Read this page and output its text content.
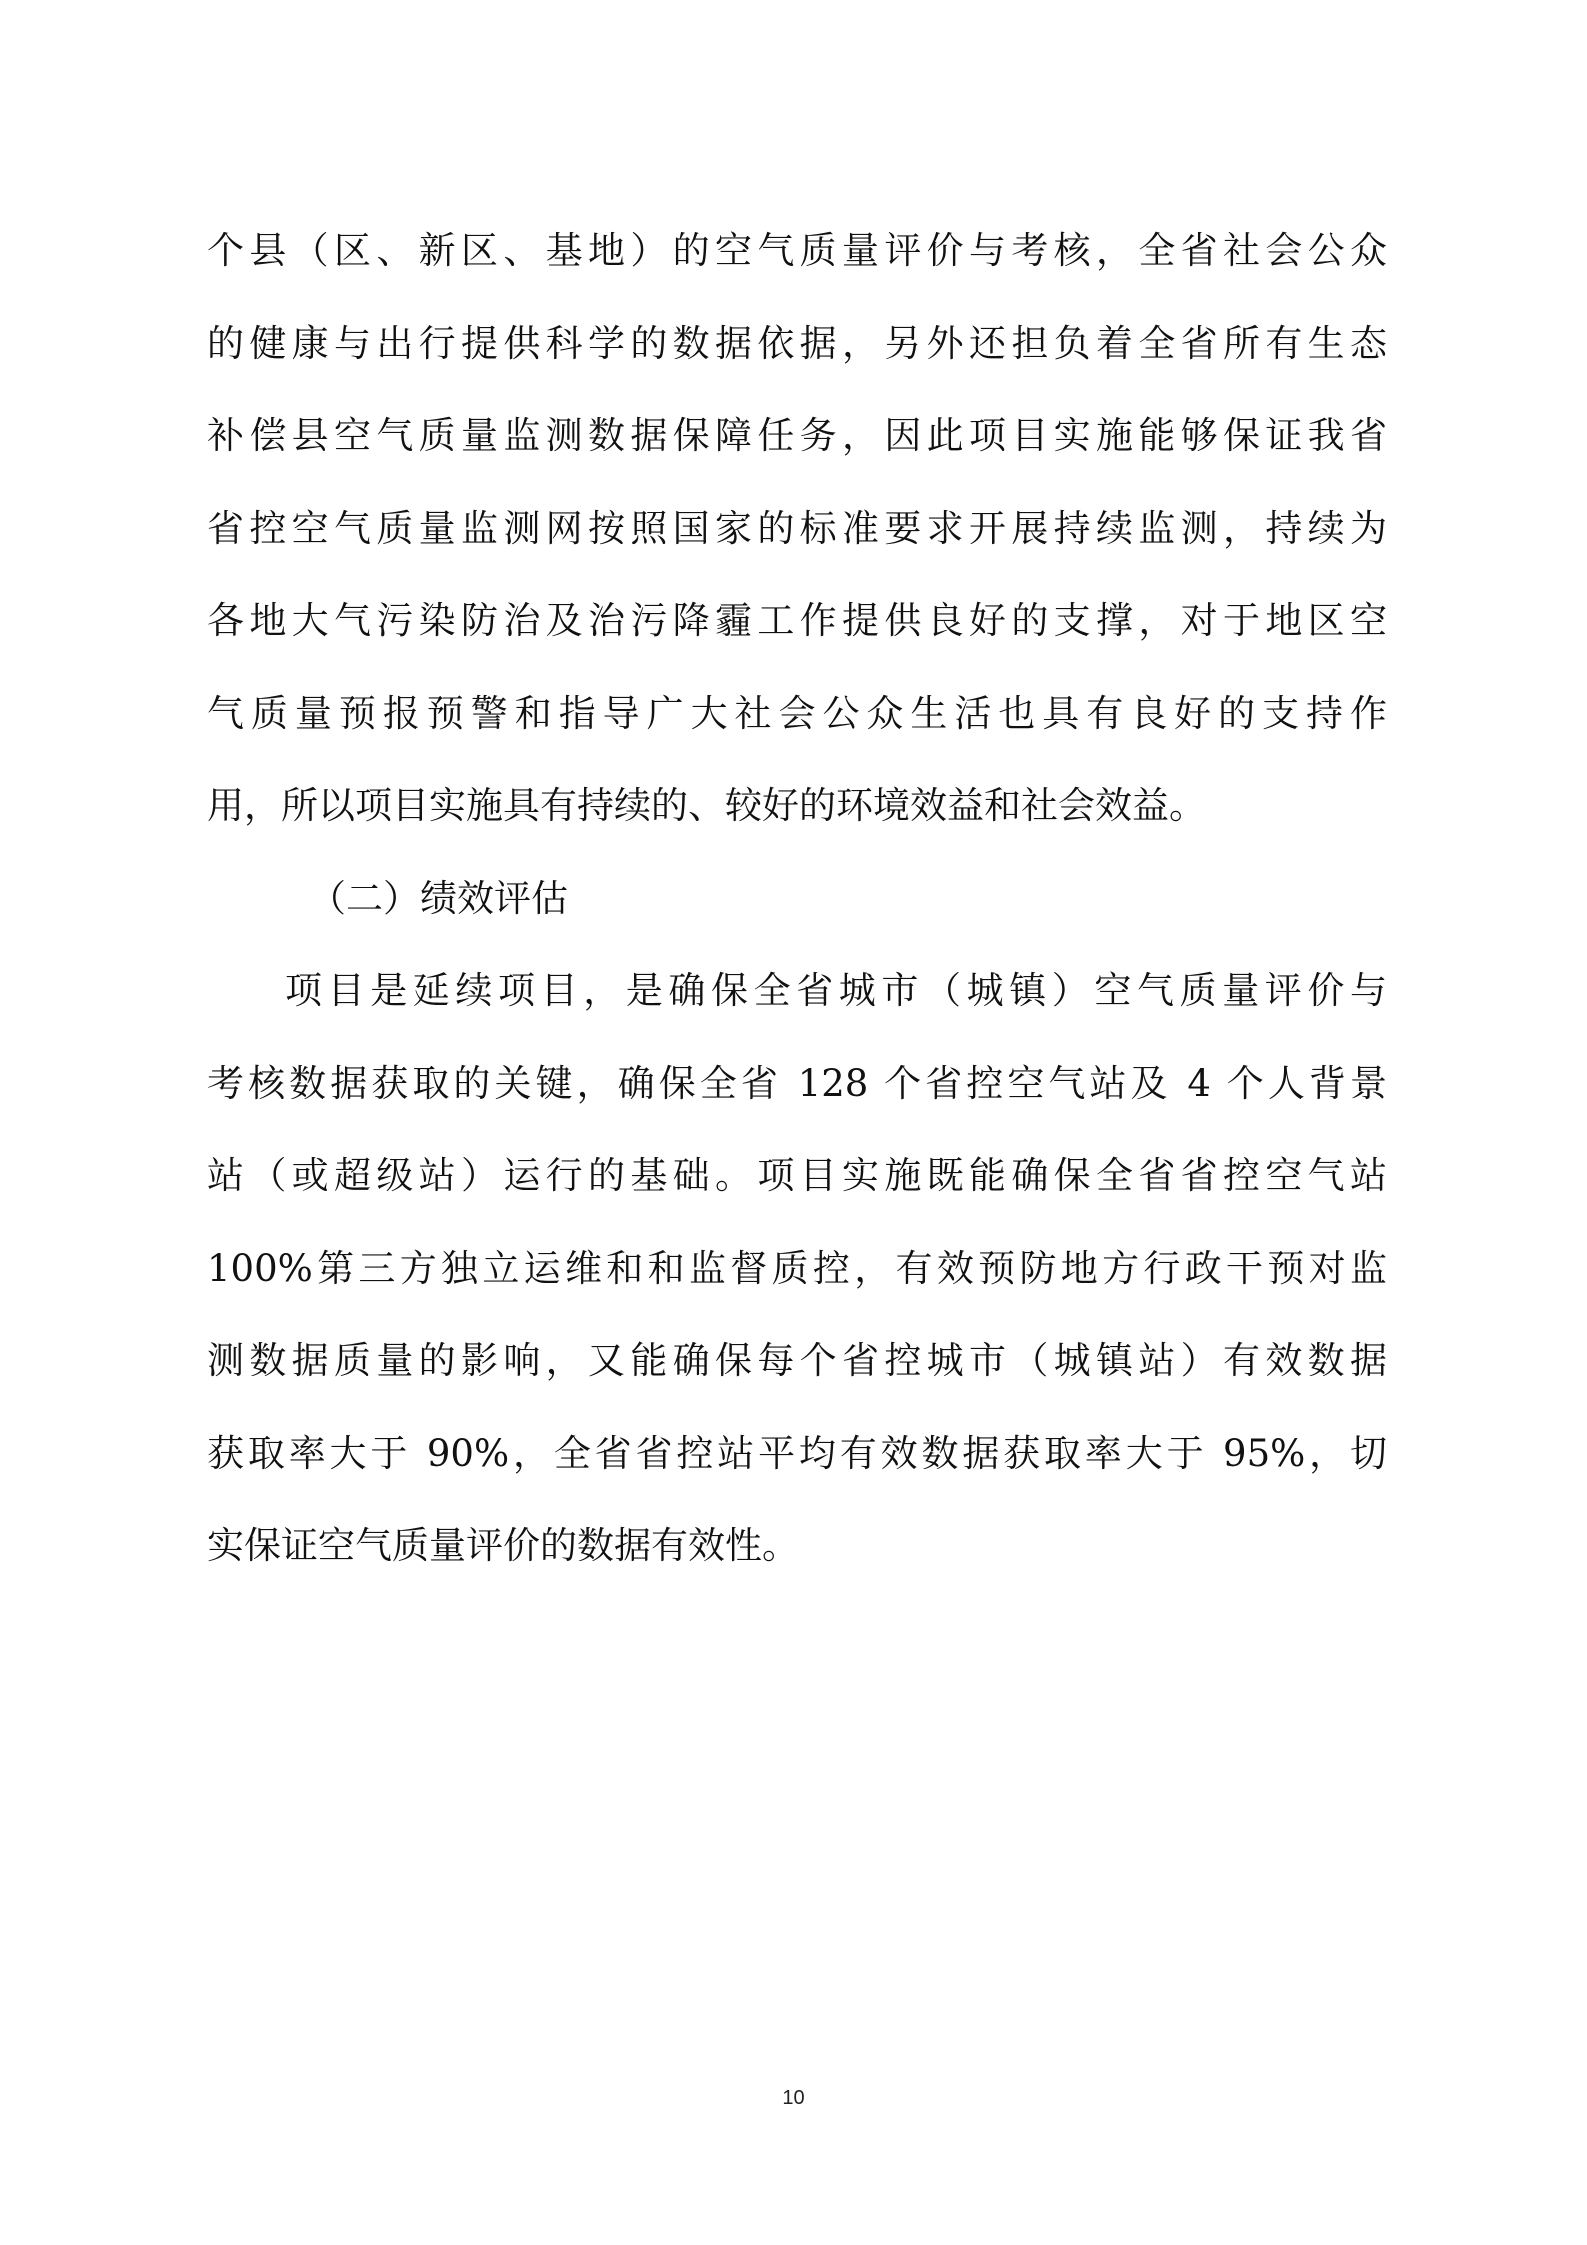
个县（区、新区、基地）的空气质量评价与考核，全省社会公众
的健康与出行提供科学的数据依据，另外还担负着全省所有生态
补偿县空气质量监测数据保障任务，因此项目实施能够保证我省
省控空气质量监测网按照国家的标准要求开展持续监测，持续为
各地大气污染防治及治污降霾工作提供良好的支撑，对于地区空
气质量预报预警和指导广大社会公众生活也具有良好的支持作
用，所以项目实施具有持续的、较好的环境效益和社会效益。
（二）绩效评估
项目是延续项目，是确保全省城市（城镇）空气质量评价与
考核数据获取的关键，确保全省 128 个省控空气站及 4 个人背景
站（或超级站）运行的基础。项目实施既能确保全省省控空气站
100%第三方独立运维和和监督质控，有效预防地方行政干预对监
测数据质量的影响，又能确保每个省控城市（城镇站）有效数据
获取率大于 90%，全省省控站平均有效数据获取率大于 95%，切
实保证空气质量评价的数据有效性。
10
